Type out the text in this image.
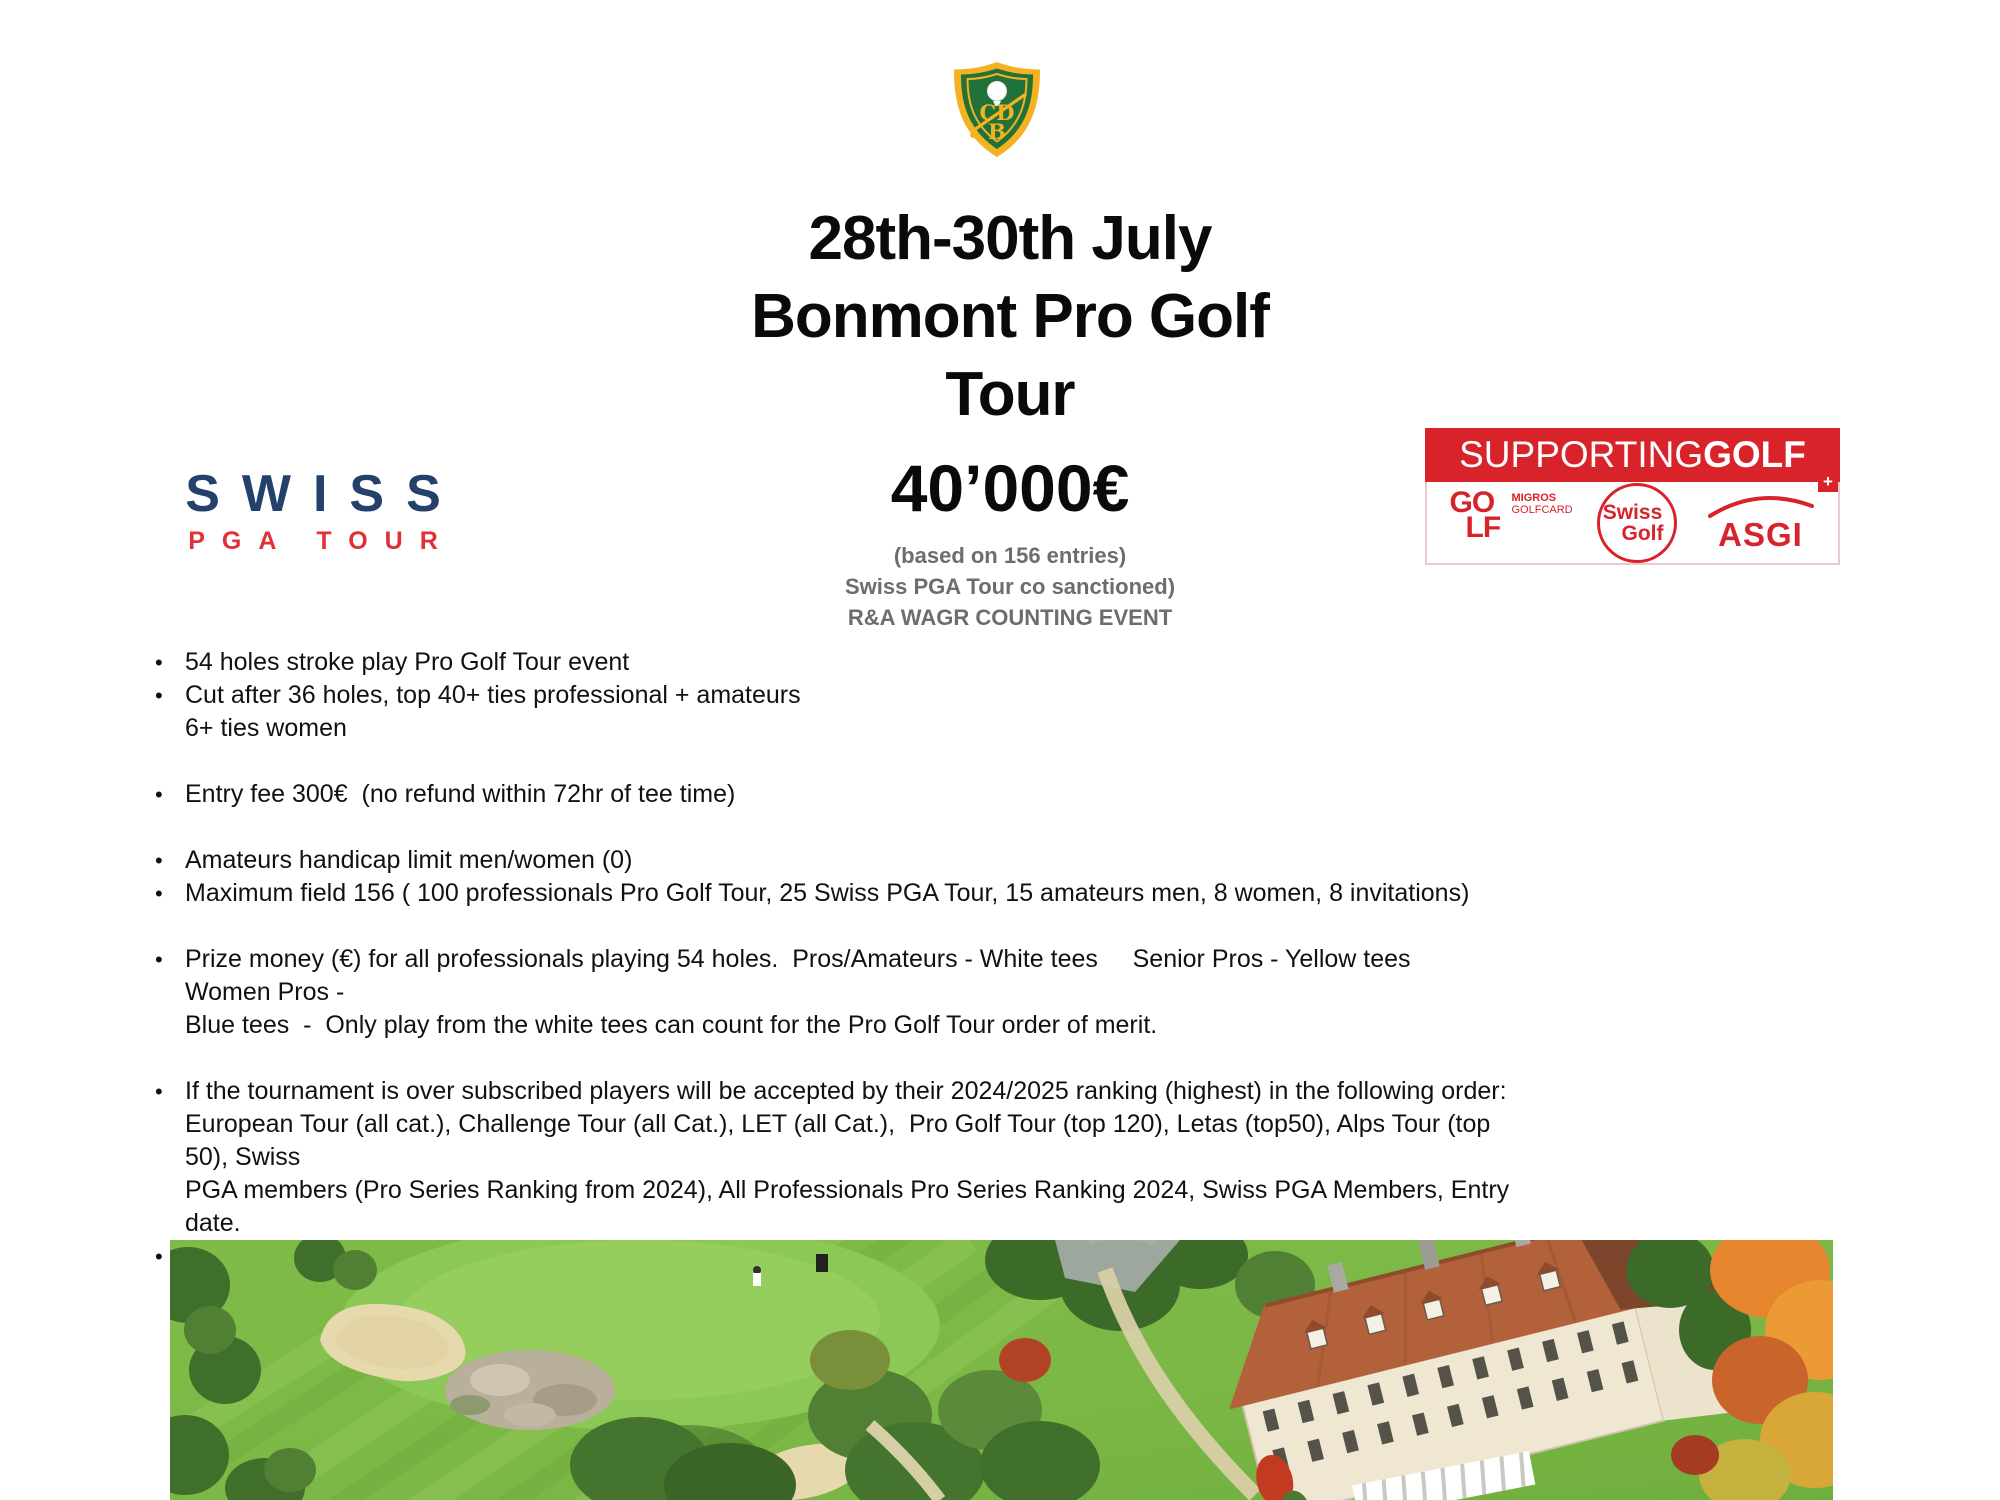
CD
B
28th-30th July
Bonmont Pro Golf
Tour
40’000€
(based on 156 entries)
Swiss PGA Tour co sanctioned)
R&A WAGR COUNTING EVENT
SWISS
PGA TOUR
SUPPORTING GOLF
+
GO
LF
MIGROS
GOLFCARD Swiss
Golf	ASGI
• 54 holes stroke play Pro Golf Tour event
• Cut after 36 holes, top 40+ ties professional + amateurs
6+ ties women
• Entry fee 300€  (no refund within 72hr of tee time)
• Amateurs handicap limit men/women (0)
• Maximum field 156 ( 100 professionals Pro Golf Tour, 25 Swiss PGA Tour, 15 amateurs men, 8 women, 8 invitations)
• Prize money (€) for all professionals playing 54 holes.  Pros/Amateurs - White tees     Senior Pros - Yellow tees    Women Pros -
Blue tees  -  Only play from the white tees can count for the Pro Golf Tour order of merit.
• If the tournament is over subscribed players will be accepted by their 2024/2025 ranking (highest) in the following order:
European Tour (all cat.), Challenge Tour (all Cat.), LET (all Cat.),  Pro Golf Tour (top 120), Letas (top50), Alps Tour (top 50), Swiss
PGA members (Pro Series Ranking from 2024), All Professionals Pro Series Ranking 2024, Swiss PGA Members, Entry date.
•
